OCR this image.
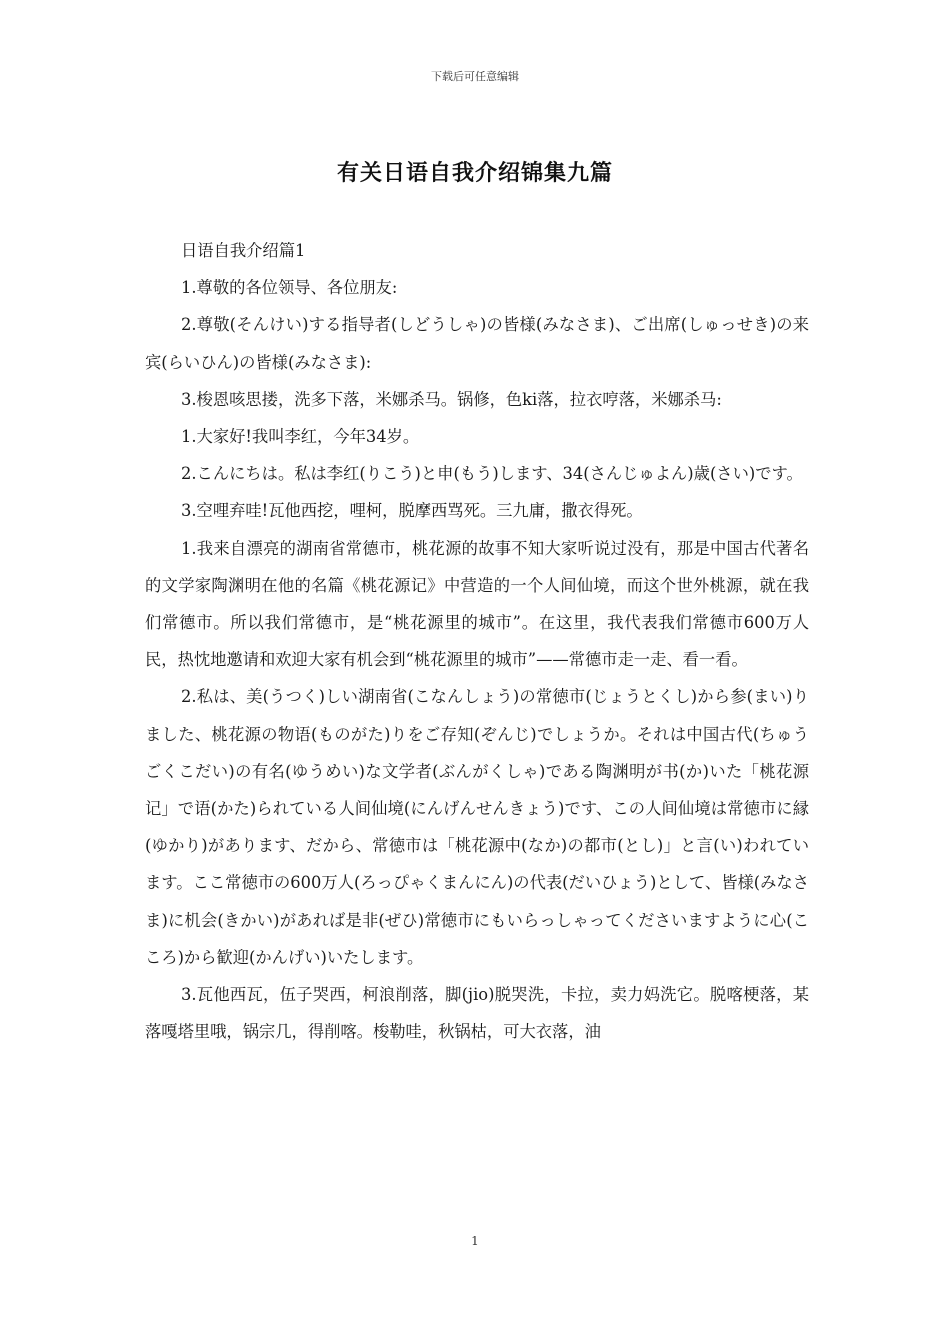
下载后可任意编辑
有关日语自我介绍锦集九篇

日语自我介绍篇1

1.尊敬的各位领导、各位朋友:

2.尊敬(そんけい)する指导者(しどうしゃ)の皆様(みなさま)、ご出席(しゅっせき)の来宾(らいひん)の皆様(みなさま):

3.梭恩咳思搂，洗多下落，米娜杀马。锅修，色ki落，拉衣哼落，米娜杀马:

1.大家好!我叫李红，今年34岁。

2.こんにちは。私は李红(りこう)と申(もう)します、34(さんじゅよん)歳(さい)です。

3.空哩弃哇!瓦他西挖，哩柯，脱摩西骂死。三九庸，撒衣得死。

1.我来自漂亮的湖南省常德市，桃花源的故事不知大家听说过没有，那是中国古代著名的文学家陶渊明在他的名篇《桃花源记》中营造的一个人间仙境，而这个世外桃源，就在我们常德市。所以我们常德市，是“桃花源里的城市”。在这里，我代表我们常德市600万人民，热忱地邀请和欢迎大家有机会到“桃花源里的城市”——常德市走一走、看一看。

2.私は、美(うつく)しい湖南省(こなんしょう)の常徳市(じょうとくし)から参(まい)りました、桃花源の物语(ものがた)りをご存知(ぞんじ)でしょうか。それは中国古代(ちゅうごくこだい)の有名(ゆうめい)な文学者(ぶんがくしゃ)である陶渊明が书(か)いた「桃花源记」で语(かた)られている人间仙境(にんげんせんきょう)です、この人间仙境は常徳市に縁(ゆかり)があります、だから、常徳市は「桃花源中(なか)の都市(とし)」と言(い)われています。ここ常徳市の600万人(ろっぴゃくまんにん)の代表(だいひょう)として、皆様(みなさま)に机会(きかい)があれば是非(ぜひ)常徳市にもいらっしゃってくださいますように心(こころ)から歓迎(かんげい)いたします。

3.瓦他西瓦，伍子哭西，柯浪削落，脚(jio)脱哭洗，卡拉，卖力妈洗它。脱喀梗落，某落嘎塔里哦，锅宗几，得削喀。梭勒哇，秋锅枯，可大衣落，油

1
